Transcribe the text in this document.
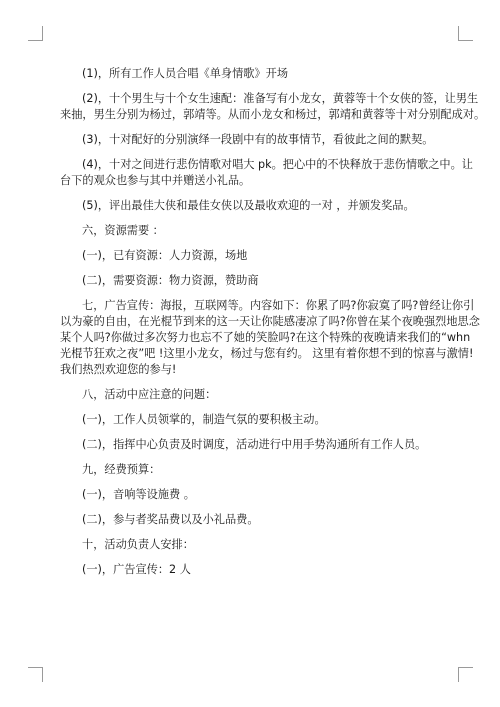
(1)，所有工作人员合唱《单身情歌》开场
(2)，十个男生与十个女生速配：准备写有小龙女，黄蓉等十个女侠的签，让男生
来抽，男生分别为杨过，郭靖等。从而小龙女和杨过，郭靖和黄蓉等十对分别配成对。
(3)，十对配好的分别演绎一段剧中有的故事情节，看彼此之间的默契。
(4)，十对之间进行悲伤情歌对唱大 pk。把心中的不快释放于悲伤情歌之中。让
台下的观众也参与其中并赠送小礼品。
(5)，评出最佳大侠和最佳女侠以及最收欢迎的一对 ，并颁发奖品。
六，资源需要 ：
(一)，已有资源：人力资源，场地
(二)，需要资源：物力资源，赞助商
七，广告宣传：海报，互联网等。内容如下：你累了吗?你寂寞了吗?曾经让你引
以为豪的自由，在光棍节到来的这一天让你陡感凄凉了吗?你曾在某个夜晚强烈地思念
某个人吗?你做过多次努力也忘不了她的笑脸吗?在这个特殊的夜晚请来我们的“whn
光棍节狂欢之夜”吧 !这里小龙女，杨过与您有约。 这里有着你想不到的惊喜与激情!
我们热烈欢迎您的参与!
八，活动中应注意的问题：
(一)，工作人员领掌的，制造气氛的要积极主动。
(二)，指挥中心负责及时调度，活动进行中用手势沟通所有工作人员。
九，经费预算：
(一)，音响等设施费 。
(二)，参与者奖品费以及小礼品费。
十，活动负责人安排：
(一)，广告宣传：2 人
